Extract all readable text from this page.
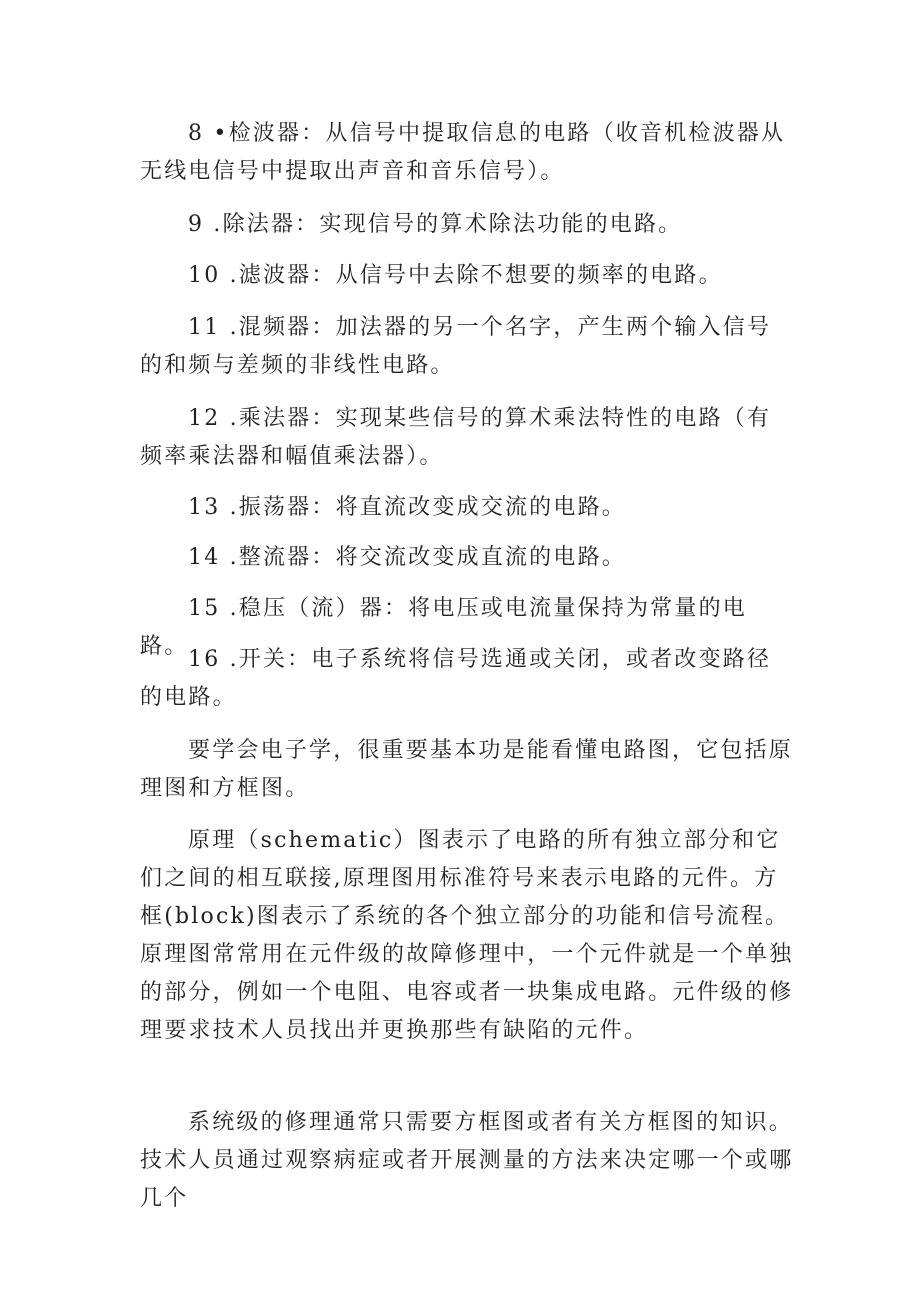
8 •检波器：从信号中提取信息的电路（收音机检波器从无线电信号中提取出声音和音乐信号）。

9 .除法器：实现信号的算术除法功能的电路。

10 .滤波器：从信号中去除不想要的频率的电路。

11 .混频器：加法器的另一个名字，产生两个输入信号的和频与差频的非线性电路。

12 .乘法器：实现某些信号的算术乘法特性的电路（有频率乘法器和幅值乘法器）。

13 .振荡器：将直流改变成交流的电路。

14 .整流器：将交流改变成直流的电路。

15 .稳压（流）器：将电压或电流量保持为常量的电路。

16 .开关：电子系统将信号选通或关闭，或者改变路径的电路。

要学会电子学，很重要基本功是能看懂电路图，它包括原理图和方框图。

原理（schematic）图表示了电路的所有独立部分和它们之间的相互联接,原理图用标准符号来表示电路的元件。方框(block)图表示了系统的各个独立部分的功能和信号流程。原理图常常用在元件级的故障修理中，一个元件就是一个单独的部分，例如一个电阻、电容或者一块集成电路。元件级的修理要求技术人员找出并更换那些有缺陷的元件。

系统级的修理通常只需要方框图或者有关方框图的知识。技术人员通过观察病症或者开展测量的方法来决定哪一个或哪几个
